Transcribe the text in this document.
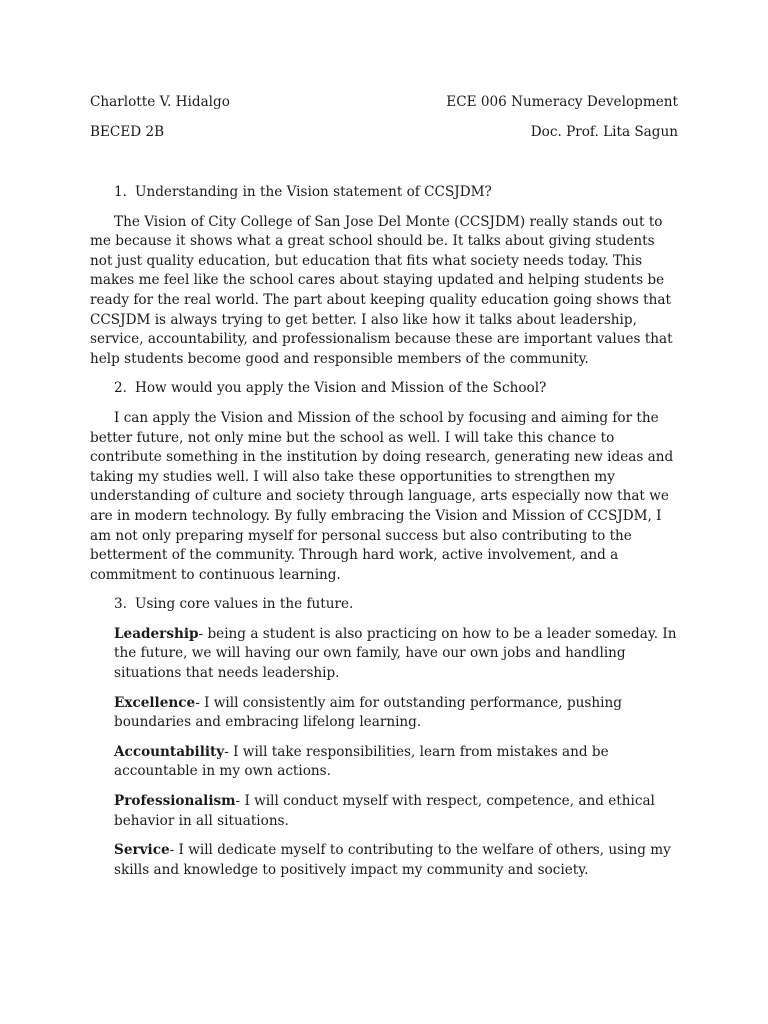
Charlotte V. Hidalgo	ECE 006 Numeracy Development
BECED 2B	Doc. Prof. Lita Sagun
1. Understanding in the Vision statement of CCSJDM?

The Vision of City College of San Jose Del Monte (CCSJDM) really stands out to me because it shows what a great school should be. It talks about giving students not just quality education, but education that fits what society needs today. This makes me feel like the school cares about staying updated and helping students be ready for the real world. The part about keeping quality education going shows that CCSJDM is always trying to get better. I also like how it talks about leadership, service, accountability, and professionalism because these are important values that help students become good and responsible members of the community.

2. How would you apply the Vision and Mission of the School?

I can apply the Vision and Mission of the school by focusing and aiming for the better future, not only mine but the school as well. I will take this chance to contribute something in the institution by doing research, generating new ideas and taking my studies well. I will also take these opportunities to strengthen my understanding of culture and society through language, arts especially now that we are in modern technology. By fully embracing the Vision and Mission of CCSJDM, I am not only preparing myself for personal success but also contributing to the betterment of the community. Through hard work, active involvement, and a commitment to continuous learning.

3. Using core values in the future.

Leadership- being a student is also practicing on how to be a leader someday. In the future, we will having our own family, have our own jobs and handling situations that needs leadership.

Excellence- I will consistently aim for outstanding performance, pushing boundaries and embracing lifelong learning.

Accountability- I will take responsibilities, learn from mistakes and be accountable in my own actions.

Professionalism- I will conduct myself with respect, competence, and ethical behavior in all situations.

Service- I will dedicate myself to contributing to the welfare of others, using my skills and knowledge to positively impact my community and society.
